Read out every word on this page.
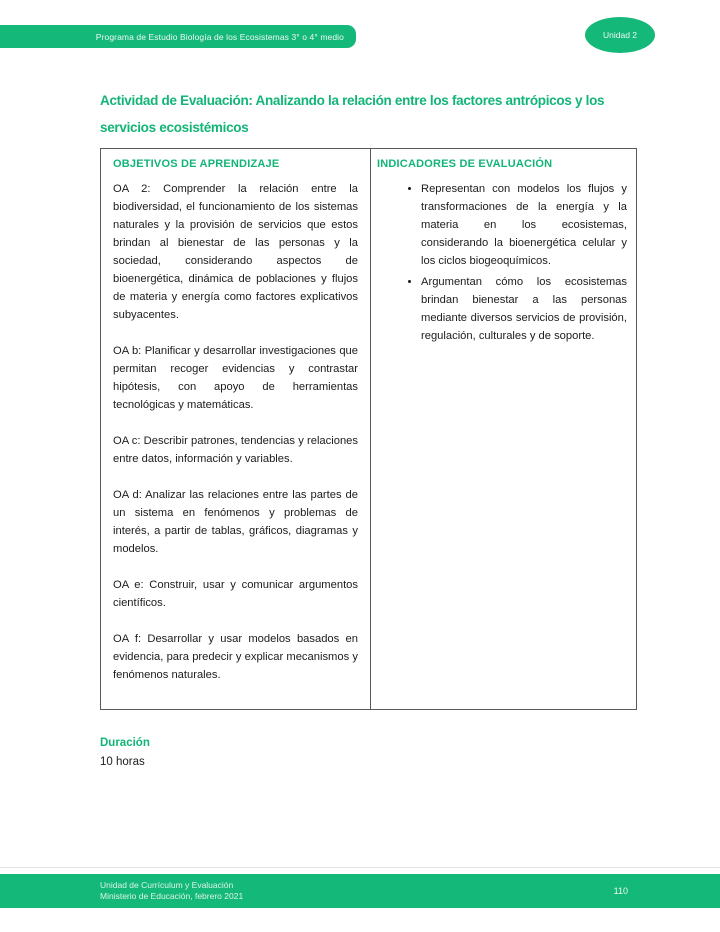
Programa de Estudio Biología de los Ecosistemas 3° o 4° medio	Unidad 2
Actividad de Evaluación: Analizando la relación entre los factores antrópicos y los servicios ecosistémicos

OBJETIVOS DE APRENDIZAJE

OA 2: Comprender la relación entre la biodiversidad, el funcionamiento de los sistemas naturales y la provisión de servicios que estos brindan al bienestar de las personas y la sociedad, considerando aspectos de bioenergética, dinámica de poblaciones y flujos de materia y energía como factores explicativos subyacentes.

OA b: Planificar y desarrollar investigaciones que permitan recoger evidencias y contrastar hipótesis, con apoyo de herramientas tecnológicas y matemáticas.

OA c: Describir patrones, tendencias y relaciones entre datos, información y variables.

OA d: Analizar las relaciones entre las partes de un sistema en fenómenos y problemas de interés, a partir de tablas, gráficos, diagramas y modelos.

OA e: Construir, usar y comunicar argumentos científicos.

OA f: Desarrollar y usar modelos basados en evidencia, para predecir y explicar mecanismos y fenómenos naturales.

INDICADORES DE EVALUACIÓN

• Representan con modelos los flujos y transformaciones de la energía y la materia en los ecosistemas, considerando la bioenergética celular y los ciclos biogeoquímicos.
• Argumentan cómo los ecosistemas brindan bienestar a las personas mediante diversos servicios de provisión, regulación, culturales y de soporte.
Duración
10 horas
Unidad de Currículum y Evaluación
Ministerio de Educación, febrero 2021	110
